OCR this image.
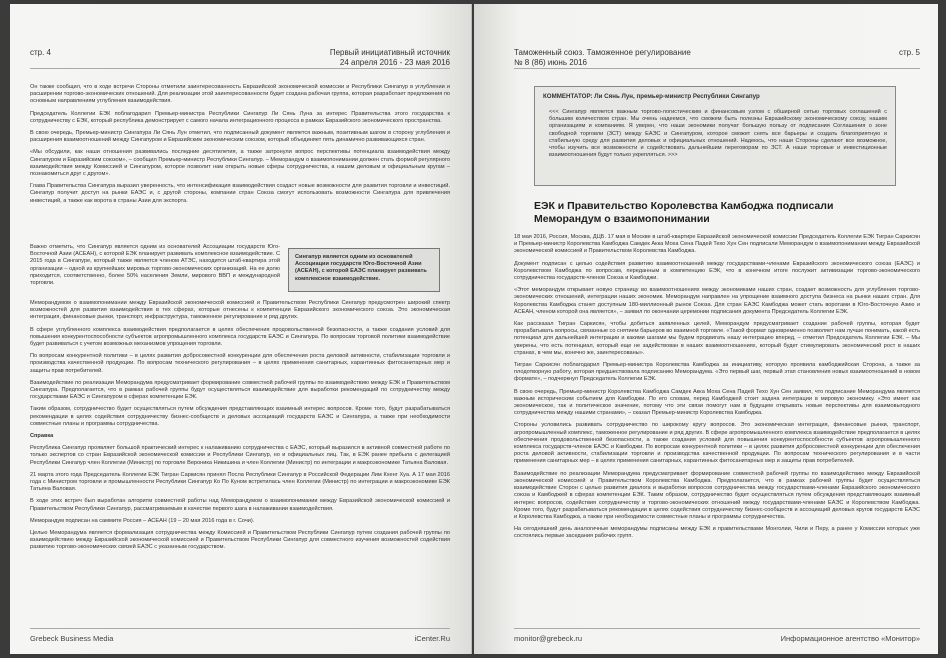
стр. 4	Первый инициативный источник
24 апреля 2016 - 23 мая 2016

Он также сообщил, что в ходе встречи Стороны отметили заинтересованность Евразийской экономической комиссии и Республики Сингапур в углублении и расширении торгово-экономических отношений. Для реализации этой заинтересованности будет создана рабочая группа, которая разработает предложения по основным направлениям углубления взаимодействия.

Председатель Коллегии ЕЭК поблагодарил Премьер-министра Республики Сингапур Ли Сянь Луна за интерес Правительства этого государства к сотрудничеству с ЕЭК, который республика демонстрирует с самого начала интеграционного процесса в рамках Евразийского экономического пространства.

В свою очередь, Премьер-министр Сингапура Ли Сянь Лун отметил, что подписанный документ является важным, позитивным шагом в сторону углубления и расширения взаимоотношений между Сингапуром и Евразийским экономическим союзом, который объединяет пять динамично развивающихся стран.

«Мы обсудили, как наши отношения развивались последние десятилетия, а также затронули вопрос перспективы потенциала взаимодействия между Сингапуром и Евразийским союзом», – сообщил Премьер-министр Республики Сингапур. – Меморандум о взаимопонимании должен стать формой регулярного взаимодействия между Комиссией и Сингапуром, которое позволит нам открыть новые сферы сотрудничества, а нашим деловым и официальным кругам – познакомиться друг с другом».

Глава Правительства Сингапура выразил уверенность, что интенсификация взаимодействия создаст новые возможности для развития торговли и инвестиций. Сингапур получит доступ на рынки ЕАЭС и, с другой стороны, компании стран Союза смогут использовать возможности Сингапура для привлечения инвестиций, а также как ворота в страны Азии для экспорта.

Важно отметить, что Сингапур является одним из основателей Ассоциации государств Юго-Восточной Азии (АСЕАН), с которой ЕЭК планирует развивать комплексное взаимодействие. С 2015 года в Сингапуре, который также является членом АТЭС, находится штаб-квартира этой организации – одной из крупнейших мировых торгово-экономических организаций. На ее долю приходится, соответственно, более 50% населения Земли, мирового ВВП и международной торговли.

Сингапур является одним из основателей Ассоциации государств Юго-Восточной Азии (АСЕАН), с которой ЕАЭС планирует развивать комплексное взаимодействие.

Меморандумом о взаимопонимании между Евразийской экономической комиссией и Правительством Республики Сингапур предусмотрен широкий спектр возможностей для развития взаимодействия в тех сферах, которые отнесены к компетенции Евразийского экономического союза. Это экономическая интеграция, финансовые рынки, транспорт, инфраструктура, таможенное регулирование и ряд других.

В сфере углубленного комплекса взаимодействия предполагается в целях обеспечения продовольственной безопасности, а также создания условий для повышения конкурентоспособности субъектов агропромышленного комплекса государств ЕАЭС и Сингапура. По вопросам торговой политики взаимодействие будет развиваться с учетом возможных механизмов упрощения торговли.

По вопросам конкурентной политики – в целях развития добросовестной конкуренции для обеспечения роста деловой активности, стабилизации торговли и производства качественной продукции. По вопросам технического регулирования – в целях применения санитарных, карантинных фитосанитарных мер и защиты прав потребителей.

Взаимодействие по реализации Меморандума предусматривает формирование совместной рабочей группы по взаимодействию между ЕЭК и Правительством Сингапура. Предполагается, что в рамках рабочей группы будут осуществляться взаимодействие для выработки рекомендаций по сотрудничеству между государствами ЕАЭС и Сингапуром в сферах компетенции ЕЭК.

Таким образом, сотрудничество будет осуществляться путем обсуждения представляющих взаимный интерес вопросов. Кроме того, будут разрабатываться рекомендации в целях содействия сотрудничеству бизнес-сообществ и деловых ассоциаций государств ЕАЭС и Сингапура, а также при необходимости совместные планы и программы сотрудничества.

Справка

Республика Сингапур проявляет большой практический интерес к налаживанию сотрудничества с ЕАЭС, который выразился в активной совместной работе по только экспертов со стран Евразийской экономической комиссии и Республики Сингапур, но и официальных лиц. Так, в ЕЭК ранее прибыла с делегацией Республики Сингапур член Коллегии (Министр) по торговле Вероника Никишина и член Коллегии (Министр) по интеграции и макроэкономике Татьяна Валовая.

21 марта этого года Председатель Коллегии ЕЭК Тигран Саркисян принял Посла Республики Сингапур в Российской Федерации Лим Кхенг Хуа. А 17 мая 2016 года с Министром торговли и промышленности Республики Сингапур Ко По Куном встретилась член Коллегии (Министр) по интеграции и макроэкономике ЕЭК Татьяна Валовая.

В ходе этих встреч был выработан алгоритм совместной работы над Меморандумом о взаимопонимании между Евразийской экономической комиссией и Правительством Республики Сингапур, рассматриваемым в качестве первого шага в налаживании взаимодействия.

Меморандум подписан на саммите Россия – АСЕАН (19 – 20 мая 2016 года в г. Сочи).

Целью Меморандума является формализация сотрудничества между Комиссией и Правительством Республики Сингапур путем создания рабочей группы по взаимодействию между Евразийской экономической комиссией и Правительством Республики Сингапур для совместного изучения возможностей содействия развитию торгово-экономических связей ЕАЭС с указанным государством.

Grebeck Business Media	iCenter.Ru
Таможенный союз. Таможенное регулирование
№ 8 (86) июнь 2016
стр. 5
КОММЕНТАТОР: Ли Сянь Лун, премьер-министр Республики Сингапур
<<< Сингапур является важным торгово-логистическим и финансовым узлом с обширной сетью торговых соглашений с большим количеством стран. Мы очень надеемся, что сможем быть полезны Евразийскому экономическому союзу, нашим организациям и компаниям. Я уверен, что наши экономики получат большую пользу от подписания Соглашения о зоне свободной торговли (ЗСТ) между ЕАЭС и Сингапуром, которое сможет снять все барьеры и создать благоприятную и стабильную среду для развития деловых и официальных отношений. Надеюсь, что наши Стороны сделают все возможное, чтобы изучить все возможности и содействовать дальнейшим переговорам по ЗСТ. А наши торговые и инвестиционные взаимоотношения будут только укрепляться. >>>
ЕЭК и Правительство Королевства Камбоджа подписали Меморандум о взаимопонимании

18 мая 2016, Россия, Москва, ДЦБ. 17 мая в Москве в штаб-квартире Евразийской экономической комиссии Председатель Коллегии ЕЭК Тигран Саркисян и Премьер-министр Королевства Камбоджа Самдек Акка Моха Сена Падей Техо Хун Сен подписали Меморандум о взаимопонимании между Евразийской экономической комиссией и Правительством Королевства Камбоджа.

Документ подписан с целью содействия развитию взаимоотношений между государствами-членами Евразийского экономического союза (ЕАЭС) и Королевством Камбоджа по вопросам, переданным в компетенцию ЕЭК, что в конечном итоге послужит активизации торгово-экономического сотрудничества государств-членов Союза и Камбоджи.

«Этот меморандум открывает новую страницу во взаимоотношениях между экономиками наших стран, создает возможность для углубления торгово-экономических отношений, интеграции наших экономик. Меморандум направлен на упрощение взаимного доступа бизнеса на рынки наших стран. Для Королевства Камбоджа станет доступным 180-миллионный рынок Союза. Для стран ЕАЭС Камбоджа может стать воротами в Юго-Восточную Азию и АСЕАН, членом которой она является», – заявил по окончании церемонии подписания документа Председатель Коллегии ЕЭК.

Как рассказал Тигран Саркисян, чтобы добиться заявленных целей, Меморандум предусматривает создание рабочей группы, которая будет прорабатывать вопросы, связанные со снятием барьеров во взаимной торговле. «Такой формат одновременно позволяет нам лучше понимать, какой есть потенциал для дальнейшей интеграции и какими шагами мы будем продвигать нашу интеграцию вперед, – отметил Председатель Коллегии ЕЭК. – Мы уверены, что есть потенциал, который еще не задействован в наших взаимоотношениях, который будет стимулировать экономический рост в наших странах, в чем мы, конечно же, заинтересованы».

Тигран Саркисян поблагодарил Премьер-министра Королевства Камбоджа за инициативу, которую проявила камбоджийская Сторона, а также за плодотворную работу, которая предшествовала подписанию Меморандума. «Это первый шаг, первый этап становления новых взаимоотношений в новом формате», – подчеркнул Председатель Коллегии ЕЭК.

В свою очередь, Премьер-министр Королевства Камбоджа Самдек Акка Моха Сена Падей Техо Хун Сен заявил, что подписание Меморандума является важным историческим событием для Камбоджи. По его словам, перед Камбоджей стоит задача интеграции в мировую экономику. «Это имеет как экономическое, так и политическое значение, потому что эти связи помогут нам в будущем открывать новые перспективы для взаимовыгодного сотрудничества между нашими странами», – сказал Премьер-министр Королевства Камбоджа.

Стороны условились развивать сотрудничество по широкому кругу вопросов. Это экономическая интеграция, финансовые рынки, транспорт, агропромышленный комплекс, таможенное регулирование и ряд других. В сфере агропромышленного комплекса взаимодействие предполагается в целях обеспечения продовольственной безопасности, а также создания условий для повышения конкурентоспособности субъектов агропромышленного комплекса государств-членов ЕАЭС и Камбоджи. По вопросам конкурентной политики – в целях развития добросовестной конкуренции для обеспечения роста деловой активности, стабилизации торговли и производства качественной продукции. По вопросам технического регулирования и в части применения санитарных мер – в целях применения санитарных, карантинных фитосанитарных мер и защиты прав потребителей.

Взаимодействие по реализации Меморандума предусматривает формирование совместной рабочей группы по взаимодействию между Евразийской экономической комиссией и Правительством Королевства Камбоджа. Предполагается, что в рамках рабочей группы будет осуществляться взаимодействие Сторон с целью развития диалога и выработки вопросов сотрудничества между государствами-членами Евразийского экономического союза и Камбоджей в сферах компетенции ЕЭК. Таким образом, сотрудничество будет осуществляться путем обсуждения представляющих взаимный интерес вопросов, содействия сотрудничеству и торгово-экономических отношений между государствами-членами ЕАЭС и Королевством Камбоджа. Кроме того, будут разрабатываться рекомендации в целях содействия сотрудничеству бизнес-сообществ и ассоциаций деловых кругов государств ЕАЭС и Королевства Камбоджа, а также при необходимости совместные планы и программы сотрудничества.

На сегодняшний день аналогичные меморандумы подписаны между ЕЭК и правительствами Монголии, Чили и Перу, а ранее у Комиссии которых уже состоялись первые заседания рабочих групп.

monitor@grebeck.ru	Информационное агентство «Монитор»
